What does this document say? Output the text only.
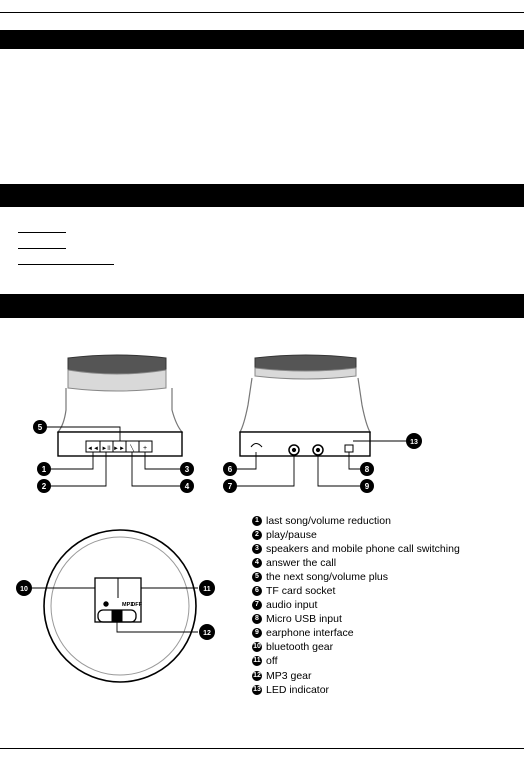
◄◄ ►II ►► ╲ +
MP3
OFF
5
1
2
3
4
6
7
8
9
13
10	11
12
1 last song/volume reduction
2 play/pause
3 speakers and mobile phone call switching
4 answer the call
5 the next song/volume plus
6 TF card socket
7 audio input
8 Micro USB input
9 earphone interface
10 bluetooth gear
11 off
12 MP3 gear
13 LED indicator
